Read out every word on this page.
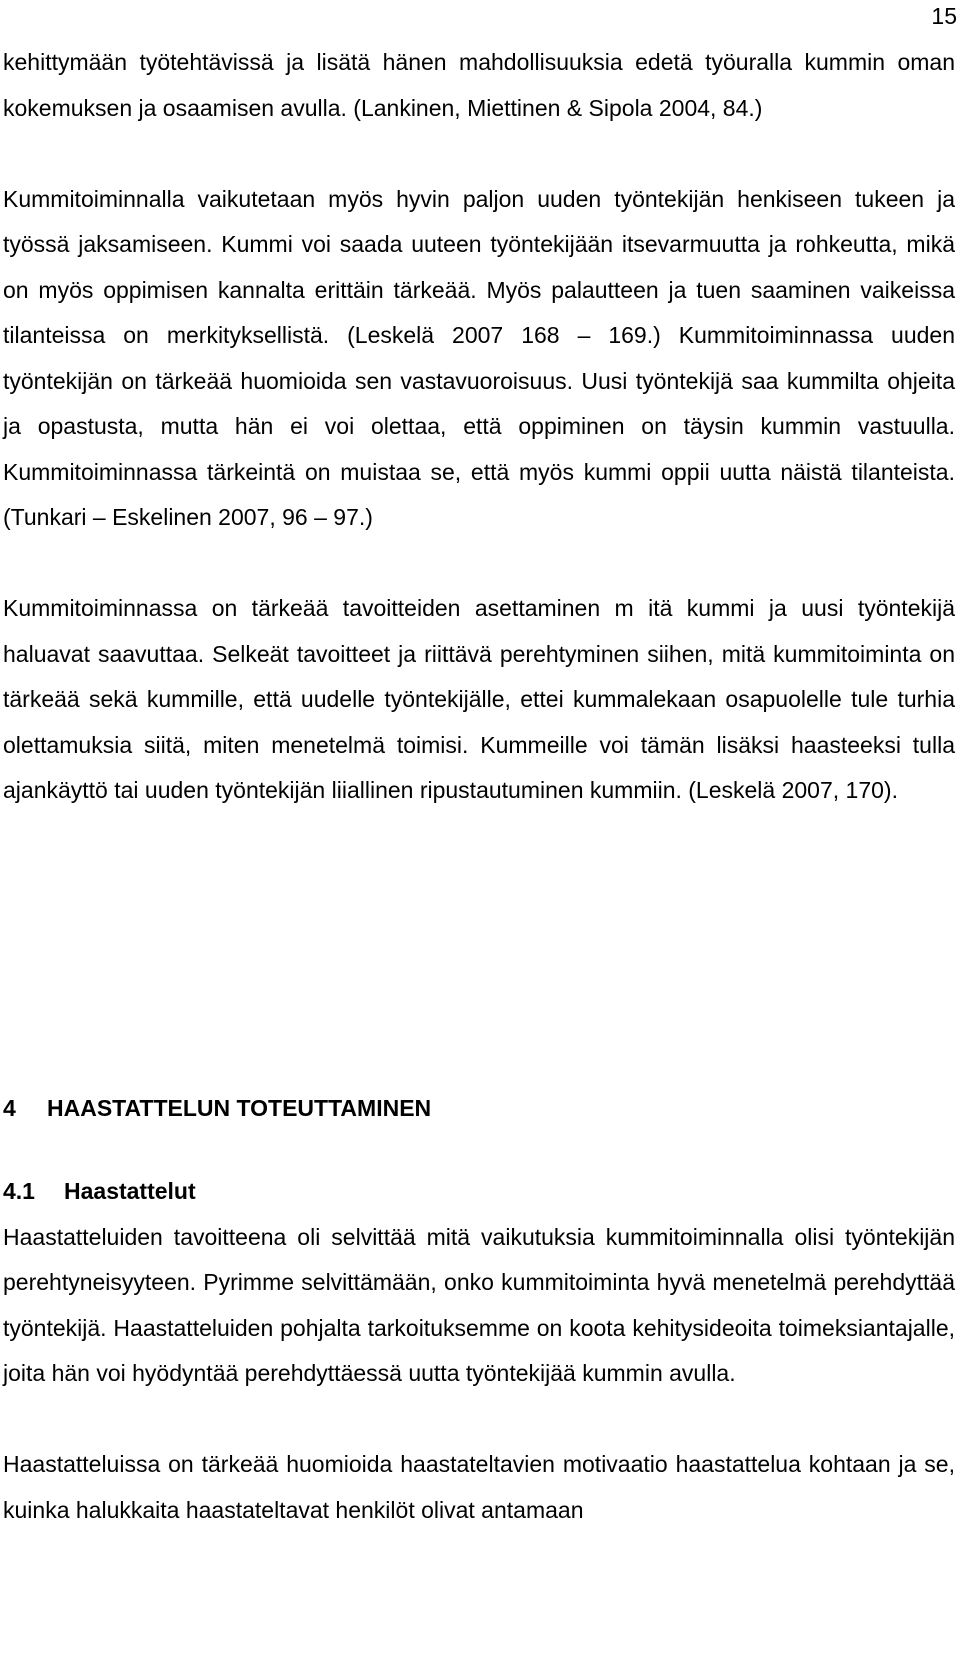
15

kehittymään työtehtävissä ja lisätä hänen mahdollisuuksia edetä työuralla kummin oman kokemuksen ja osaamisen avulla. (Lankinen, Miettinen & Sipola 2004, 84.)

Kummitoiminnalla vaikutetaan myös hyvin paljon uuden työntekijän henkiseen tukeen ja työssä jaksamiseen. Kummi voi saada uuteen työntekijään itsevarmuutta ja rohkeutta, mikä on myös oppimisen kannalta erittäin tärkeää. Myös palautteen ja tuen saaminen vaikeissa tilanteissa on merkityksellistä. (Leskelä 2007 168 – 169.) Kummitoiminnassa uuden työntekijän on tärkeää huomioida sen vastavuoroisuus. Uusi työntekijä saa kummilta ohjeita ja opastusta, mutta hän ei voi olettaa, että oppiminen on täysin kummin vastuulla. Kummitoiminnassa tärkeintä on muistaa se, että myös kummi oppii uutta näistä tilanteista. (Tunkari – Eskelinen 2007, 96 – 97.)

Kummitoiminnassa on tärkeää tavoitteiden asettaminen m itä kummi ja uusi työntekijä haluavat saavuttaa. Selkeät tavoitteet ja riittävä perehtyminen siihen, mitä kummitoiminta on tärkeää sekä kummille, että uudelle työntekijälle, ettei kummalekaan osapuolelle tule turhia olettamuksia siitä, miten menetelmä toimisi. Kummeille voi tämän lisäksi haasteeksi tulla ajankäyttö tai uuden työntekijän liiallinen ripustautuminen kummiin. (Leskelä 2007, 170).

4 HAASTATTELUN TOTEUTTAMINEN
4.1 Haastattelut

Haastatteluiden tavoitteena oli selvittää mitä vaikutuksia kummitoiminnalla olisi työntekijän perehtyneisyyteen. Pyrimme selvittämään, onko kummitoiminta hyvä menetelmä perehdyttää työntekijä. Haastatteluiden pohjalta tarkoituksemme on koota kehitysideoita toimeksiantajalle, joita hän voi hyödyntää perehdyttäessä uutta työntekijää kummin avulla.

Haastatteluissa on tärkeää huomioida haastateltavien motivaatio haastattelua kohtaan ja se, kuinka halukkaita haastateltavat henkilöt olivat antamaan
